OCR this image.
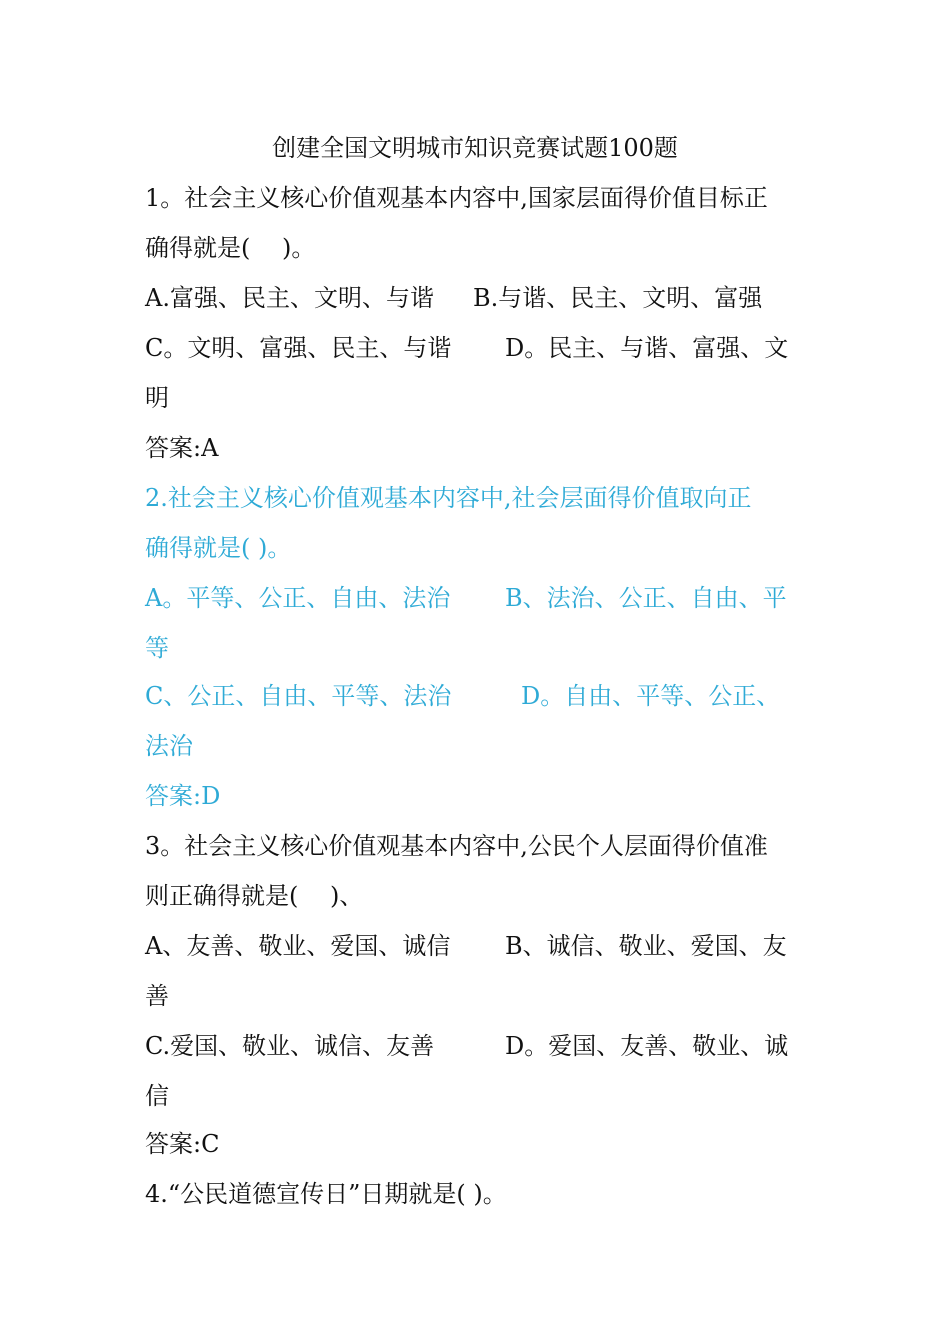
创建全国文明城市知识竞赛试题100题
1。社会主义核心价值观基本内容中,国家层面得价值目标正
确得就是(　 )。
A.富强、民主、文明、与谐 B.与谐、民主、文明、富强
C。文明、富强、民主、与谐 D。民主、与谐、富强、文
明
答案:A
2.社会主义核心价值观基本内容中,社会层面得价值取向正
确得就是( )。
A。平等、公正、自由、法治 B、法治、公正、自由、平
等
C、公正、自由、平等、法治	D。自由、平等、公正、
法治
答案:D
3。社会主义核心价值观基本内容中,公民个人层面得价值准
则正确得就是(　 )、
A、友善、敬业、爱国、诚信 B、诚信、敬业、爱国、友
善
C.爱国、敬业、诚信、友善	D。爱国、友善、敬业、诚
信
答案:C
4.“公民道德宣传日”日期就是( )。
